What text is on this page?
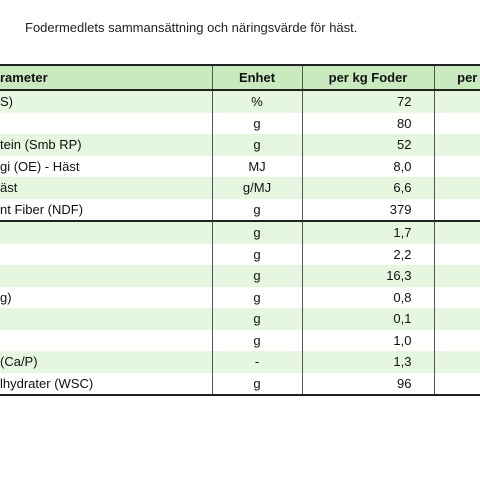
Fodermedlets sammansättning och näringsvärde för häst.
rameter	Enhet	per kg Foder	per
S)	%	72	
	g	80	
tein (Smb RP)	g	52	
gi (OE) - Häst	MJ	8,0	
äst	g/MJ	6,6	
nt Fiber (NDF)	g	379	
	g	1,7	
	g	2,2	
	g	16,3	
g)	g	0,8	
	g	0,1	
	g	1,0	
(Ca/P)	-	1,3	
lhydrater (WSC)	g	96	
